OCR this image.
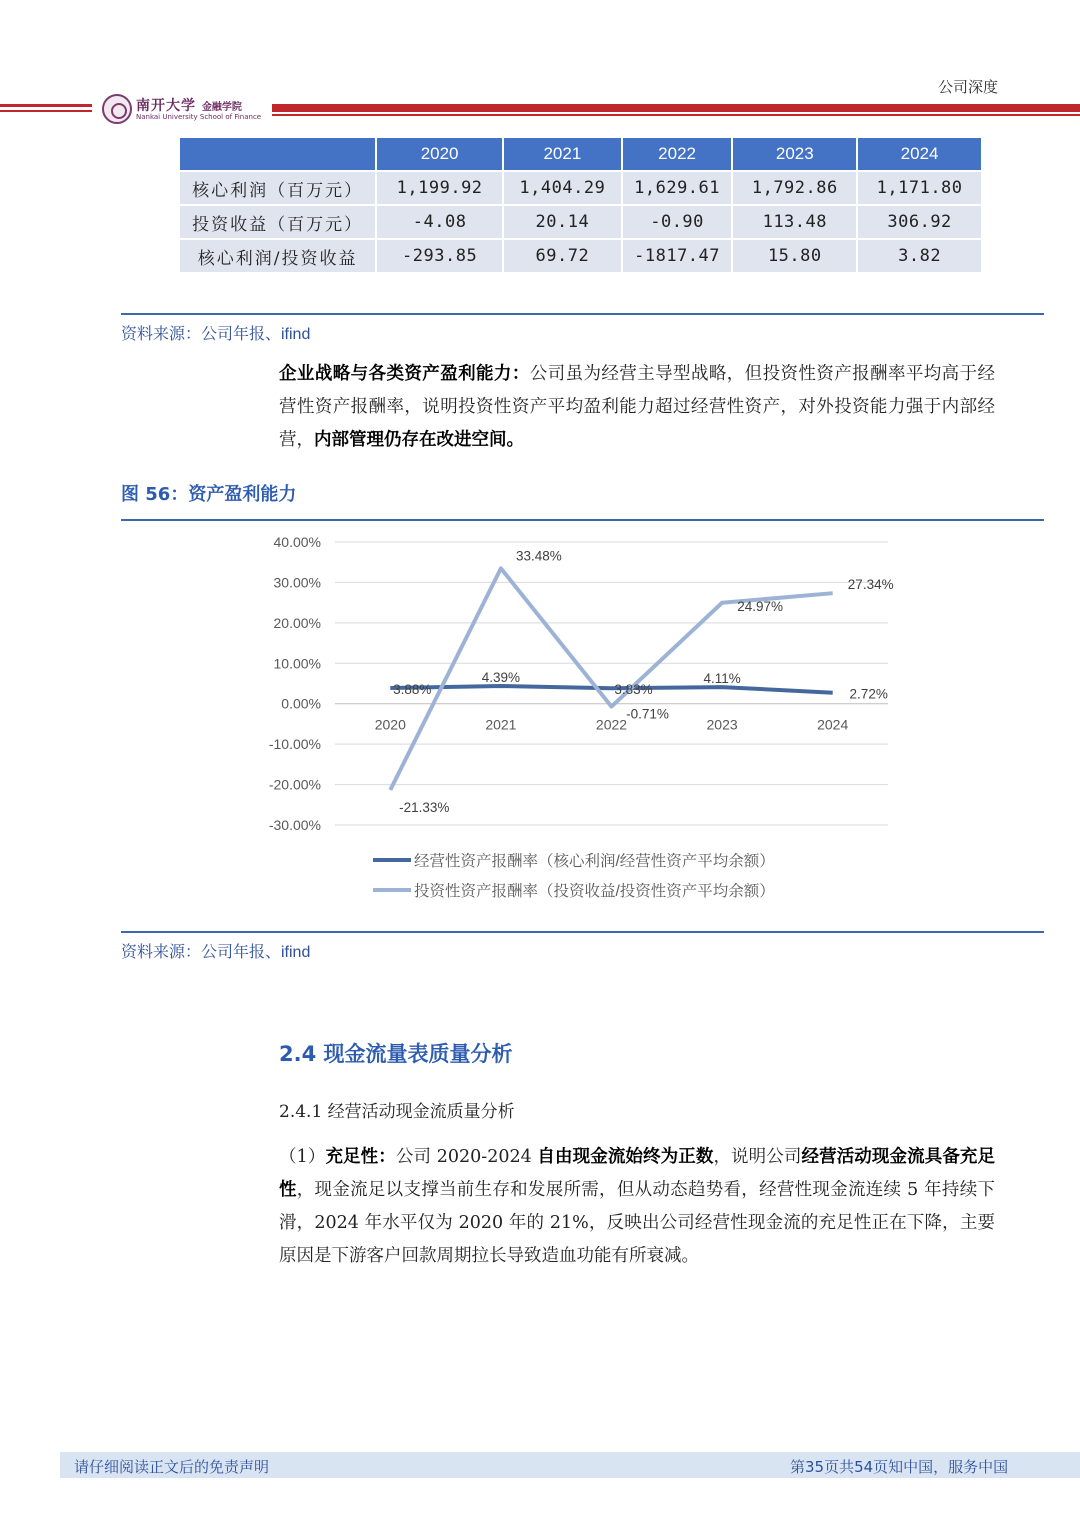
公司深度
南开大学 金融学院
Nankai University School of Finance
	2020	2021	2022	2023	2024
核心利润（百万元）	1,199.92	1,404.29	1,629.61	1,792.86	1,171.80
投资收益（百万元）	-4.08	20.14	-0.90	113.48	306.92
核心利润/投资收益	-293.85	69.72	-1817.47	15.80	3.82
资料来源：公司年报、ifind
企业战略与各类资产盈利能力：公司虽为经营主导型战略，但投资性资产报酬率平均高于经营性资产报酬率，说明投资性资产平均盈利能力超过经营性资产，对外投资能力强于内部经营，内部管理仍存在改进空间。
图 56：资产盈利能力
40.00%
30.00%
20.00%
10.00%
0.00%
-10.00%
-20.00%
-30.00%
2020	2021	2022	2023	2024
3.88%
4.39%
3.83%
4.11%
2.72%
-21.33%
33.48%
-0.71%
24.97%
27.34%
经营性资产报酬率（核心利润/经营性资产平均余额）
投资性资产报酬率（投资收益/投资性资产平均余额）
资料来源：公司年报、ifind
2.4 现金流量表质量分析
2.4.1 经营活动现金流质量分析
（1）充足性：公司 2020-2024 自由现金流始终为正数，说明公司经营活动现金流具备充足性，现金流足以支撑当前生存和发展所需，但从动态趋势看，经营性现金流连续 5 年持续下滑，2024 年水平仅为 2020 年的 21%，反映出公司经营性现金流的充足性正在下降，主要原因是下游客户回款周期拉长导致造血功能有所衰减。
请仔细阅读正文后的免责声明	第35页共54页知中国，服务中国
